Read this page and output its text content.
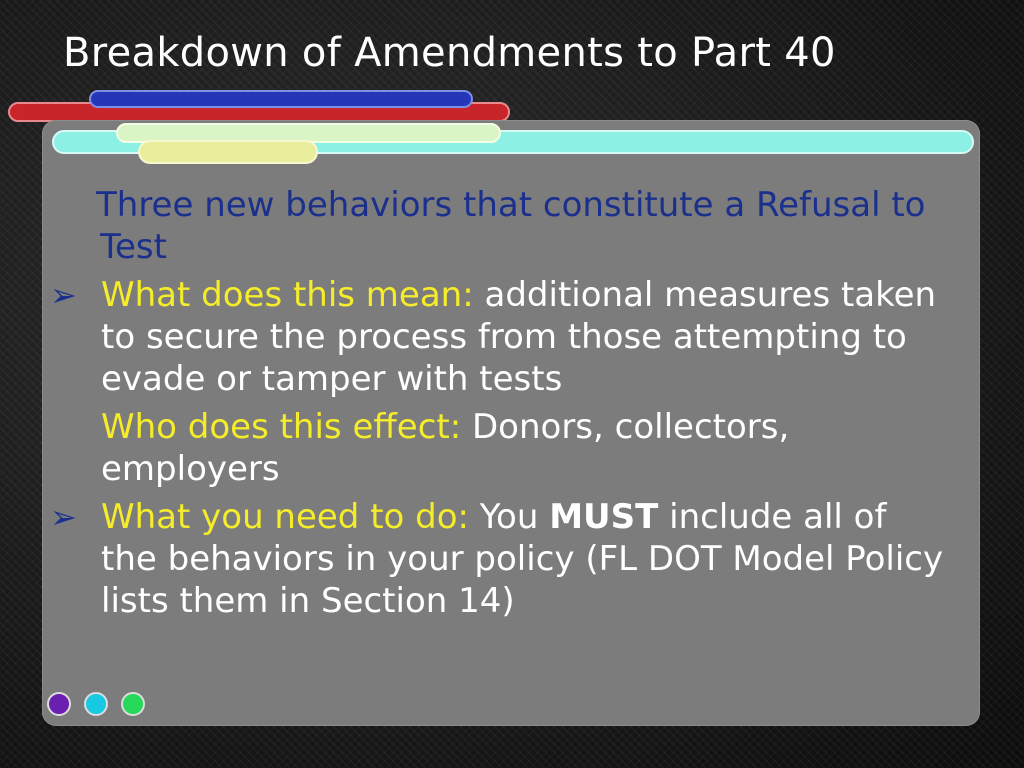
Breakdown of Amendments to Part 40
Three new behaviors that constitute a Refusal to Test
➢ What does this mean: additional measures taken to secure the process from those attempting to evade or tamper with tests
Who does this effect: Donors, collectors, employers
➢ What you need to do: You MUST include all of the behaviors in your policy (FL DOT Model Policy lists them in Section 14)
